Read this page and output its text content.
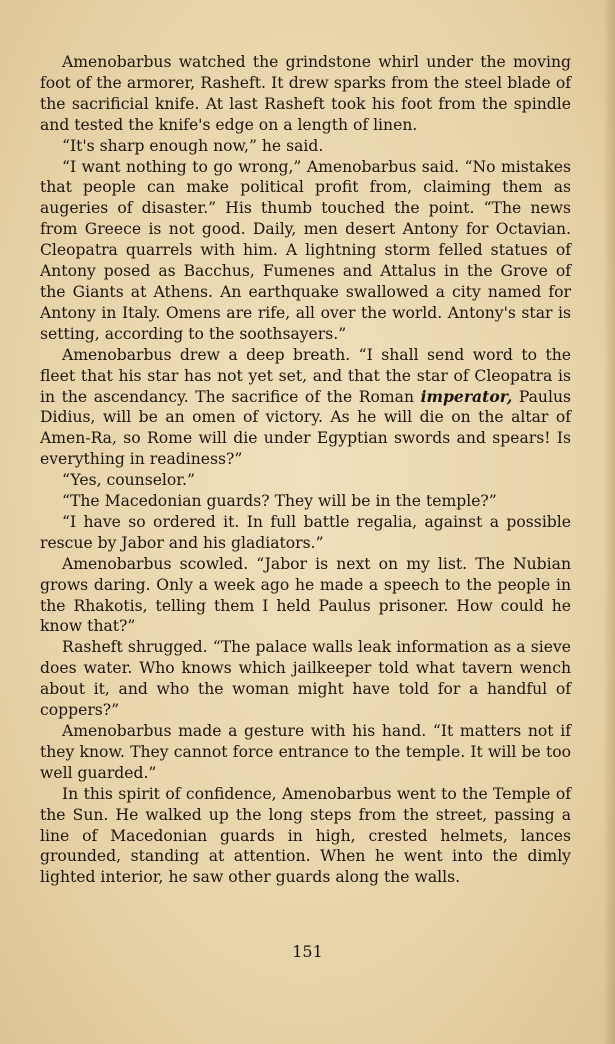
Amenobarbus watched the grindstone whirl under the moving foot of the armorer, Rasheft. It drew sparks from the steel blade of the sacrificial knife. At last Rasheft took his foot from the spindle and tested the knife's edge on a length of linen.

“It's sharp enough now,” he said.

“I want nothing to go wrong,” Amenobarbus said. “No mistakes that people can make political profit from, claiming them as augeries of disaster.” His thumb touched the point. “The news from Greece is not good. Daily, men desert Antony for Octavian. Cleopatra quarrels with him. A lightning storm felled statues of Antony posed as Bacchus, Fumenes and Attalus in the Grove of the Giants at Athens. An earthquake swallowed a city named for Antony in Italy. Omens are rife, all over the world. Antony's star is setting, according to the soothsayers.”

Amenobarbus drew a deep breath. “I shall send word to the fleet that his star has not yet set, and that the star of Cleopatra is in the ascendancy. The sacrifice of the Roman imperator, Paulus Didius, will be an omen of victory. As he will die on the altar of Amen-Ra, so Rome will die under Egyptian swords and spears! Is everything in readiness?”

“Yes, counselor.”

“The Macedonian guards? They will be in the temple?”

“I have so ordered it. In full battle regalia, against a possible rescue by Jabor and his gladiators.”

Amenobarbus scowled. “Jabor is next on my list. The Nubian grows daring. Only a week ago he made a speech to the people in the Rhakotis, telling them I held Paulus prisoner. How could he know that?”

Rasheft shrugged. “The palace walls leak information as a sieve does water. Who knows which jailkeeper told what tavern wench about it, and who the woman might have told for a handful of coppers?”

Amenobarbus made a gesture with his hand. “It matters not if they know. They cannot force entrance to the temple. It will be too well guarded.”

In this spirit of confidence, Amenobarbus went to the Temple of the Sun. He walked up the long steps from the street, passing a line of Macedonian guards in high, crested helmets, lances grounded, standing at attention. When he went into the dimly lighted interior, he saw other guards along the walls.

151
